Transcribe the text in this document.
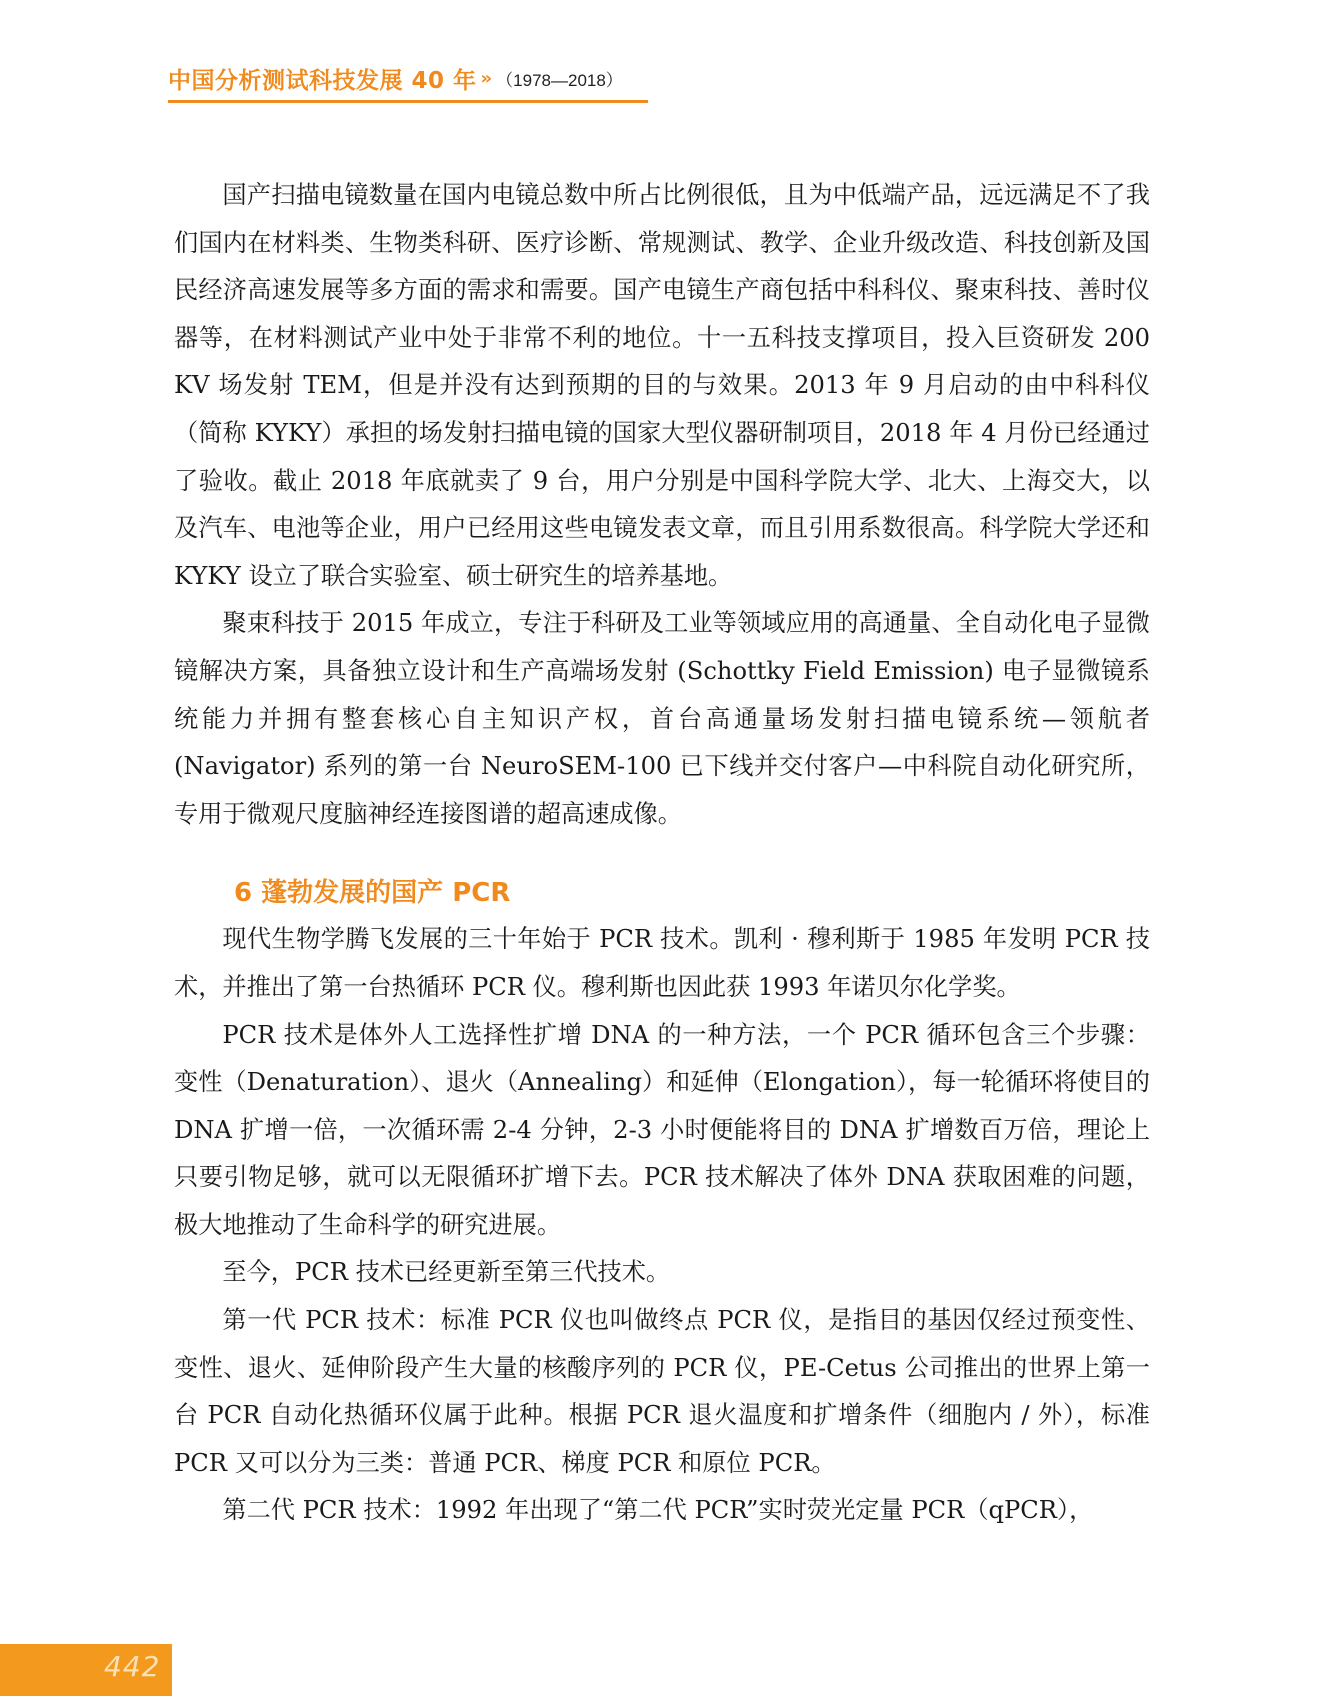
中国分析测试科技发展 40 年 » （1978—2018）

国产扫描电镜数量在国内电镜总数中所占比例很低，且为中低端产品，远远满足不了我们国内在材料类、生物类科研、医疗诊断、常规测试、教学、企业升级改造、科技创新及国民经济高速发展等多方面的需求和需要。国产电镜生产商包括中科科仪、聚束科技、善时仪器等，在材料测试产业中处于非常不利的地位。十一五科技支撑项目，投入巨资研发 200 KV 场发射 TEM，但是并没有达到预期的目的与效果。2013 年 9 月启动的由中科科仪（简称 KYKY）承担的场发射扫描电镜的国家大型仪器研制项目，2018 年 4 月份已经通过了验收。截止 2018 年底就卖了 9 台，用户分别是中国科学院大学、北大、上海交大，以及汽车、电池等企业，用户已经用这些电镜发表文章，而且引用系数很高。科学院大学还和 KYKY 设立了联合实验室、硕士研究生的培养基地。

聚束科技于 2015 年成立，专注于科研及工业等领域应用的高通量、全自动化电子显微镜解决方案，具备独立设计和生产高端场发射 (Schottky Field Emission) 电子显微镜系统能力并拥有整套核心自主知识产权，首台高通量场发射扫描电镜系统—领航者 (Navigator) 系列的第一台 NeuroSEM-100 已下线并交付客户—中科院自动化研究所，专用于微观尺度脑神经连接图谱的超高速成像。

6 蓬勃发展的国产 PCR

现代生物学腾飞发展的三十年始于 PCR 技术。凯利 · 穆利斯于 1985 年发明 PCR 技术，并推出了第一台热循环 PCR 仪。穆利斯也因此获 1993 年诺贝尔化学奖。

PCR 技术是体外人工选择性扩增 DNA 的一种方法，一个 PCR 循环包含三个步骤：变性（Denaturation）、退火（Annealing）和延伸（Elongation），每一轮循环将使目的 DNA 扩增一倍，一次循环需 2-4 分钟，2-3 小时便能将目的 DNA 扩增数百万倍，理论上只要引物足够，就可以无限循环扩增下去。PCR 技术解决了体外 DNA 获取困难的问题，极大地推动了生命科学的研究进展。

至今，PCR 技术已经更新至第三代技术。

第一代 PCR 技术：标准 PCR 仪也叫做终点 PCR 仪，是指目的基因仅经过预变性、变性、退火、延伸阶段产生大量的核酸序列的 PCR 仪，PE-Cetus 公司推出的世界上第一台 PCR 自动化热循环仪属于此种。根据 PCR 退火温度和扩增条件（细胞内 / 外），标准 PCR 又可以分为三类：普通 PCR、梯度 PCR 和原位 PCR。

第二代 PCR 技术：1992 年出现了“第二代 PCR”实时荧光定量 PCR（qPCR），

442
